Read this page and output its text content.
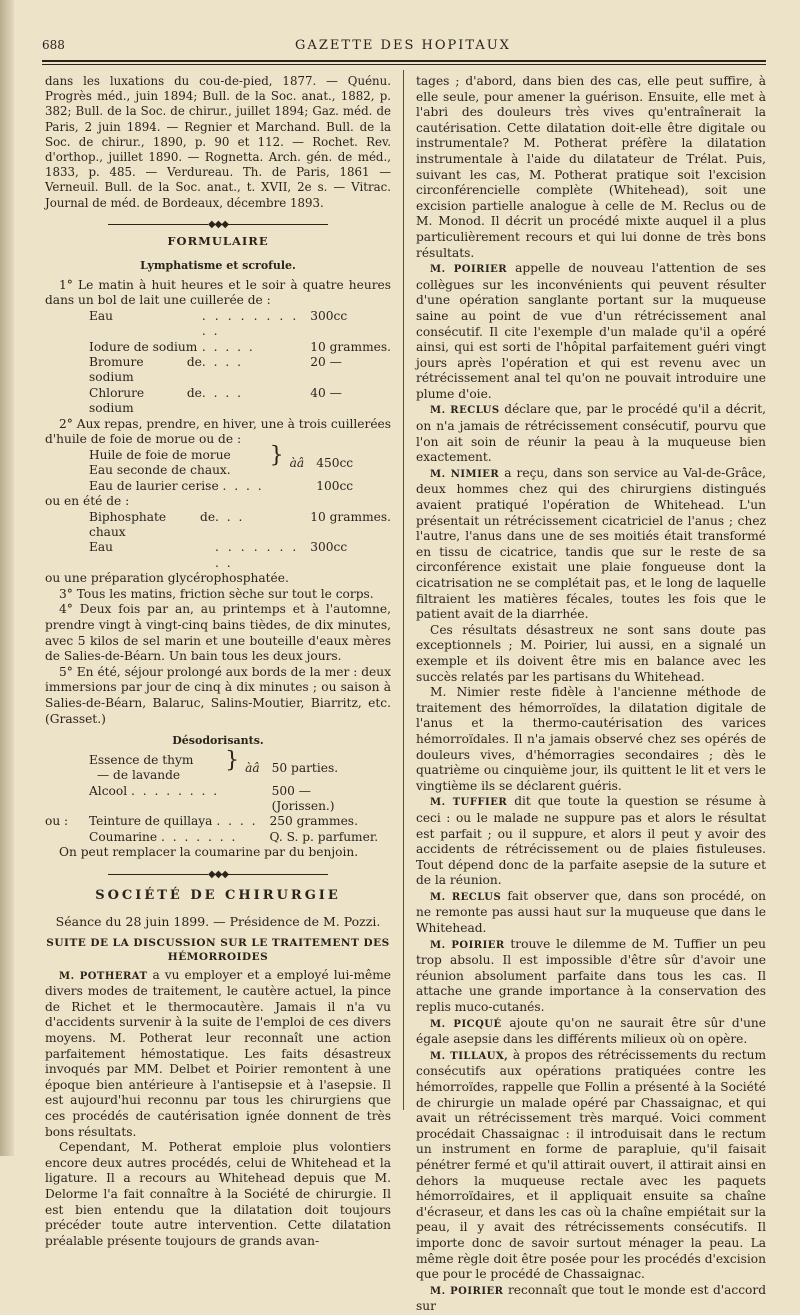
688	GAZETTE DES HOPITAUX

dans les luxations du cou-de-pied, 1877. — Quénu. Progrès méd., juin 1894; Bull. de la Soc. anat., 1882, p. 382; Bull. de la Soc. de chirur., juillet 1894; Gaz. méd. de Paris, 2 juin 1894. — Regnier et Marchand. Bull. de la Soc. de chirur., 1890, p. 90 et 112. — Rochet. Rev. d'orthop., juillet 1890. — Rognetta. Arch. gén. de méd., 1833, p. 485. — Verdureau. Th. de Paris, 1861 — Verneuil. Bull. de la Soc. anat., t. XVII, 2e s. — Vitrac. Journal de méd. de Bordeaux, décembre 1893.

◆◆◆
FORMULAIRE
Lymphatisme et scrofule.

1° Le matin à huit heures et le soir à quatre heures dans un bol de lait une cuillerée de :

Eau	. . . . . . . . . .	300cc
Iodure de sodium	. . . . .	10 grammes.
Bromure de sodium	. . . .	20 —
Chlorure de sodium	. . . .	40 —

2° Aux repas, prendre, en hiver, une à trois cuillerées d'huile de foie de morue ou de :

Huile de foie de morue	}	àâ	450cc
Eau seconde de chaux.			
Eau de laurier cerise . . . .			100cc

ou en été de :

Biphosphate de chaux	. . .	10 grammes.
Eau	. . . . . . . . .	300cc

ou une préparation glycérophosphatée.

3° Tous les matins, friction sèche sur tout le corps.

4° Deux fois par an, au printemps et à l'automne, prendre vingt à vingt-cinq bains tièdes, de dix minutes, avec 5 kilos de sel marin et une bouteille d'eaux mères de Salies-de-Béarn. Un bain tous les deux jours.

5° En été, séjour prolongé aux bords de la mer : deux immersions par jour de cinq à dix minutes ; ou saison à Salies-de-Béarn, Balaruc, Salins-Moutier, Biarritz, etc. (Grasset.)

Désodorisants.
Essence de thym	}	àâ	50 parties.
— de lavande			
Alcool . . . . . . . .			500 —
			(Jorissen.)
ou :	Teinture de quillaya . . . .	250 grammes.
Coumarine . . . . . . .	Q. S. p. parfumer.

On peut remplacer la coumarine par du benjoin.

◆◆◆
SOCIÉTÉ DE CHIRURGIE
Séance du 28 juin 1899. — Présidence de M. Pozzi.
SUITE DE LA DISCUSSION SUR LE TRAITEMENT DES HÉMORROIDES

M. POTHERAT a vu employer et a employé lui-même divers modes de traitement, le cautère actuel, la pince de Richet et le thermocautère. Jamais il n'a vu d'accidents survenir à la suite de l'emploi de ces divers moyens. M. Potherat leur reconnaît une action parfaitement hémostatique. Les faits désastreux invoqués par MM. Delbet et Poirier remontent à une époque bien antérieure à l'antisepsie et à l'asepsie. Il est aujourd'hui reconnu par tous les chirurgiens que ces procédés de cautérisation ignée donnent de très bons résultats.

Cependant, M. Potherat emploie plus volontiers encore deux autres procédés, celui de Whitehead et la ligature. Il a recours au Whitehead depuis que M. Delorme l'a fait connaître à la Société de chirurgie. Il est bien entendu que la dilatation doit toujours précéder toute autre intervention. Cette dilatation préalable présente toujours de grands avan-

tages ; d'abord, dans bien des cas, elle peut suffire, à elle seule, pour amener la guérison. Ensuite, elle met à l'abri des douleurs très vives qu'entraînerait la cautérisation. Cette dilatation doit-elle être digitale ou instrumentale? M. Potherat préfère la dilatation instrumentale à l'aide du dilatateur de Trélat. Puis, suivant les cas, M. Potherat pratique soit l'excision circonférencielle complète (Whitehead), soit une excision partielle analogue à celle de M. Reclus ou de M. Monod. Il décrit un procédé mixte auquel il a plus particulièrement recours et qui lui donne de très bons résultats.

M. POIRIER appelle de nouveau l'attention de ses collègues sur les inconvénients qui peuvent résulter d'une opération sanglante portant sur la muqueuse saine au point de vue d'un rétrécissement anal consécutif. Il cite l'exemple d'un malade qu'il a opéré ainsi, qui est sorti de l'hôpital parfaitement guéri vingt jours après l'opération et qui est revenu avec un rétrécissement anal tel qu'on ne pouvait introduire une plume d'oie.

M. RECLUS déclare que, par le procédé qu'il a décrit, on n'a jamais de rétrécissement consécutif, pourvu que l'on ait soin de réunir la peau à la muqueuse bien exactement.

M. NIMIER a reçu, dans son service au Val-de-Grâce, deux hommes chez qui des chirurgiens distingués avaient pratiqué l'opération de Whitehead. L'un présentait un rétrécissement cicatriciel de l'anus ; chez l'autre, l'anus dans une de ses moitiés était transformé en tissu de cicatrice, tandis que sur le reste de sa circonférence existait une plaie fongueuse dont la cicatrisation ne se complétait pas, et le long de laquelle filtraient les matières fécales, toutes les fois que le patient avait de la diarrhée.

Ces résultats désastreux ne sont sans doute pas exceptionnels ; M. Poirier, lui aussi, en a signalé un exemple et ils doivent être mis en balance avec les succès relatés par les partisans du Whitehead.

M. Nimier reste fidèle à l'ancienne méthode de traitement des hémorroïdes, la dilatation digitale de l'anus et la thermo-cautérisation des varices hémorroïdales. Il n'a jamais observé chez ses opérés de douleurs vives, d'hémorragies secondaires ; dès le quatrième ou cinquième jour, ils quittent le lit et vers le vingtième ils se déclarent guéris.

M. TUFFIER dit que toute la question se résume à ceci : ou le malade ne suppure pas et alors le résultat est parfait ; ou il suppure, et alors il peut y avoir des accidents de rétrécissement ou de plaies fistuleuses. Tout dépend donc de la parfaite asepsie de la suture et de la réunion.

M. RECLUS fait observer que, dans son procédé, on ne remonte pas aussi haut sur la muqueuse que dans le Whitehead.

M. POIRIER trouve le dilemme de M. Tuffier un peu trop absolu. Il est impossible d'être sûr d'avoir une réunion absolument parfaite dans tous les cas. Il attache une grande importance à la conservation des replis muco-cutanés.

M. PICQUÉ ajoute qu'on ne saurait être sûr d'une égale asepsie dans les différents milieux où on opère.

M. TILLAUX, à propos des rétrécissements du rectum consécutifs aux opérations pratiquées contre les hémorroïdes, rappelle que Follin a présenté à la Société de chirurgie un malade opéré par Chassaignac, et qui avait un rétrécissement très marqué. Voici comment procédait Chassaignac : il introduisait dans le rectum un instrument en forme de parapluie, qu'il faisait pénétrer fermé et qu'il attirait ouvert, il attirait ainsi en dehors la muqueuse rectale avec les paquets hémorroïdaires, et il appliquait ensuite sa chaîne d'écraseur, et dans les cas où la chaîne empiétait sur la peau, il y avait des rétrécissements consécutifs. Il importe donc de savoir surtout ménager la peau. La même règle doit être posée pour les procédés d'excision que pour le procédé de Chassaignac.

M. POIRIER reconnaît que tout le monde est d'accord sur
